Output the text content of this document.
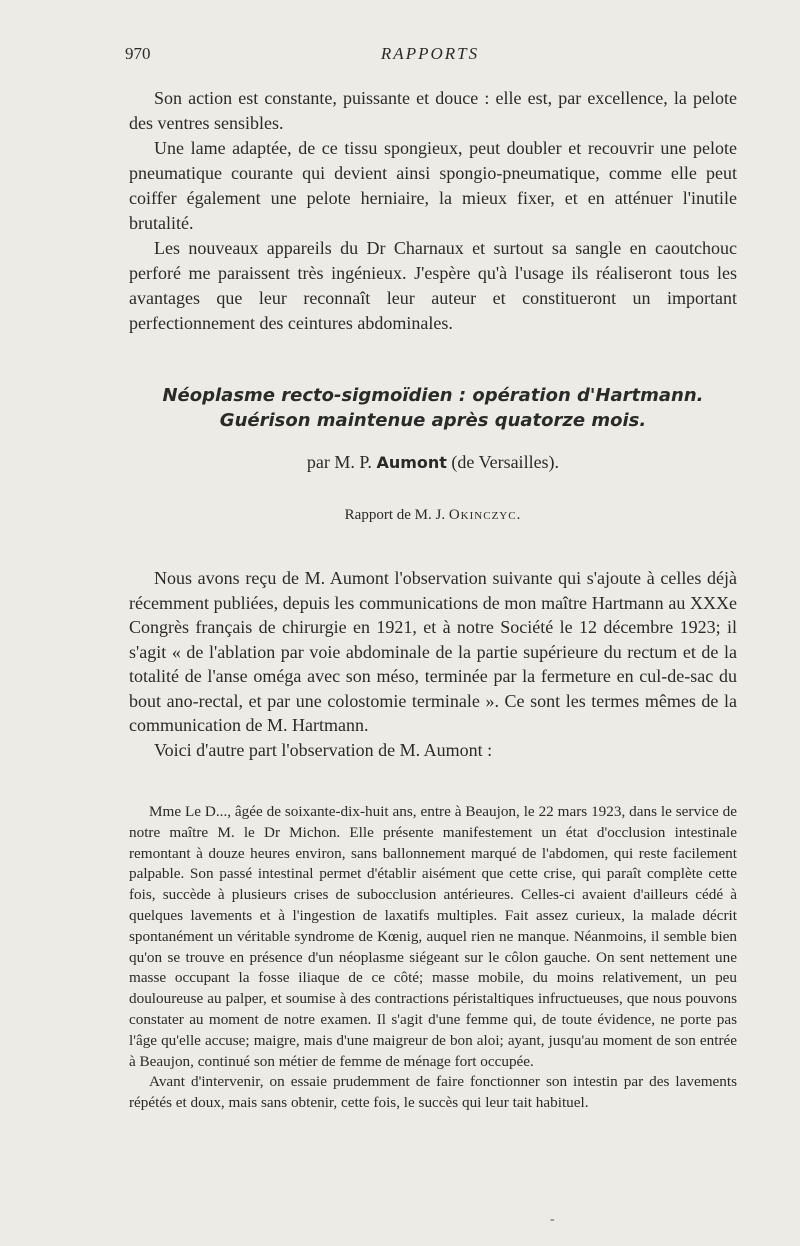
970	RAPPORTS

Son action est constante, puissante et douce : elle est, par excellence, la pelote des ventres sensibles.

Une lame adaptée, de ce tissu spongieux, peut doubler et recouvrir une pelote pneumatique courante qui devient ainsi spongio-pneumatique, comme elle peut coiffer également une pelote herniaire, la mieux fixer, et en atténuer l'inutile brutalité.

Les nouveaux appareils du Dr Charnaux et surtout sa sangle en caoutchouc perforé me paraissent très ingénieux. J'espère qu'à l'usage ils réaliseront tous les avantages que leur reconnaît leur auteur et constitueront un important perfectionnement des ceintures abdominales.

Néoplasme recto-sigmoïdien : opération d'Hartmann.
Guérison maintenue après quatorze mois.
par M. P. Aumont (de Versailles).
Rapport de M. J. Okinczyc.

Nous avons reçu de M. Aumont l'observation suivante qui s'ajoute à celles déjà récemment publiées, depuis les communications de mon maître Hartmann au XXXe Congrès français de chirurgie en 1921, et à notre Société le 12 décembre 1923; il s'agit « de l'ablation par voie abdominale de la partie supérieure du rectum et de la totalité de l'anse oméga avec son méso, terminée par la fermeture en cul-de-sac du bout ano-rectal, et par une colostomie terminale ». Ce sont les termes mêmes de la communication de M. Hartmann.

Voici d'autre part l'observation de M. Aumont :

Mme Le D..., âgée de soixante-dix-huit ans, entre à Beaujon, le 22 mars 1923, dans le service de notre maître M. le Dr Michon. Elle présente manifestement un état d'occlusion intestinale remontant à douze heures environ, sans ballonnement marqué de l'abdomen, qui reste facilement palpable. Son passé intestinal permet d'établir aisément que cette crise, qui paraît complète cette fois, succède à plusieurs crises de subocclusion antérieures. Celles-ci avaient d'ailleurs cédé à quelques lavements et à l'ingestion de laxatifs multiples. Fait assez curieux, la malade décrit spontanément un véritable syndrome de Kœnig, auquel rien ne manque. Néanmoins, il semble bien qu'on se trouve en présence d'un néoplasme siégeant sur le côlon gauche. On sent nettement une masse occupant la fosse iliaque de ce côté; masse mobile, du moins relativement, un peu douloureuse au palper, et soumise à des contractions péristaltiques infructueuses, que nous pouvons constater au moment de notre examen. Il s'agit d'une femme qui, de toute évidence, ne porte pas l'âge qu'elle accuse; maigre, mais d'une maigreur de bon aloi; ayant, jusqu'au moment de son entrée à Beaujon, continué son métier de femme de ménage fort occupée.

Avant d'intervenir, on essaie prudemment de faire fonctionner son intestin par des lavements répétés et doux, mais sans obtenir, cette fois, le succès qui leur tait habituel.

-
